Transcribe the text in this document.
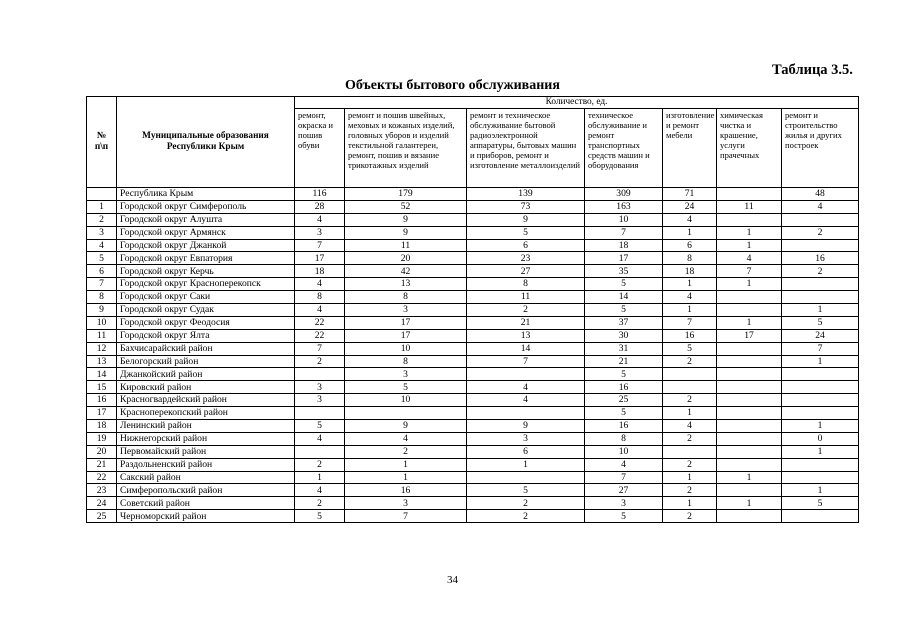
Таблица 3.5.
Объекты бытового обслуживания
№ п\п	Муниципальные образования Республики Крым	Количество, ед.						
		ремонт, окраска и пошив обуви	ремонт и пошив швейных, меховых и кожаных изделий, головных уборов и изделий текстильной галантереи, ремонт, пошив и вязание трикотажных изделий	ремонт и техническое обслуживание бытовой радиоэлектронной аппаратуры, бытовых машин и приборов, ремонт и изготовление металлоизделий	техническое обслуживание и ремонт транспортных средств машин и оборудования	изготовление и ремонт мебели	химическая чистка и крашение, услуги прачечных	ремонт и строительство жилья и других построек
	Республика Крым	116	179	139	309	71		48
1	Городской округ Симферополь	28	52	73	163	24	11	4
2	Городской округ Алушта	4	9	9	10	4		
3	Городской округ Армянск	3	9	5	7	1	1	2
4	Городской округ Джанкой	7	11	6	18	6	1	
5	Городской округ Евпатория	17	20	23	17	8	4	16
6	Городской округ Керчь	18	42	27	35	18	7	2
7	Городской округ Красноперекопск	4	13	8	5	1	1	
8	Городской округ Саки	8	8	11	14	4		
9	Городской округ Судак	4	3	2	5	1		1
10	Городской округ Феодосия	22	17	21	37	7	1	5
11	Городской округ Ялта	22	17	13	30	16	17	24
12	Бахчисарайский район	7	10	14	31	5		7
13	Белогорский район	2	8	7	21	2		1
14	Джанкойский район		3		5			
15	Кировский район	3	5	4	16			
16	Красногвардейский район	3	10	4	25	2		
17	Красноперекопский район				5	1		
18	Ленинский район	5	9	9	16	4		1
19	Нижнегорский район	4	4	3	8	2		0
20	Первомайский район		2	6	10			1
21	Раздольненский район	2	1	1	4	2		
22	Сакский район	1	1		7	1	1	
23	Симферопольский район	4	16	5	27	2		1
24	Советский район	2	3	2	3	1	1	5
25	Черноморский район	5	7	2	5	2		
34
